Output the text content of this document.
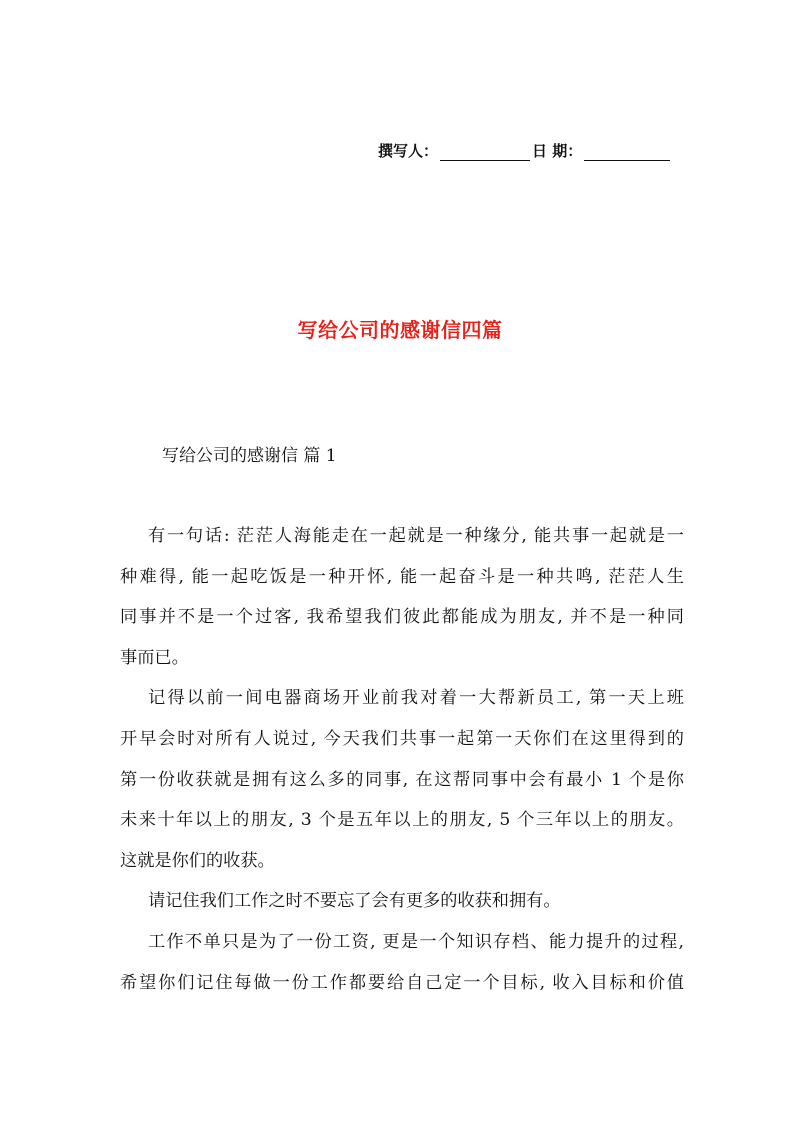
撰写人：	日 期：
写给公司的感谢信四篇
写给公司的感谢信 篇 1
有一句话: 茫茫人海能走在一起就是一种缘分, 能共事一起就是一
种难得, 能一起吃饭是一种开怀, 能一起奋斗是一种共鸣, 茫茫人生
同事并不是一个过客, 我希望我们彼此都能成为朋友, 并不是一种同
事而已。
记得以前一间电器商场开业前我对着一大帮新员工, 第一天上班
开早会时对所有人说过, 今天我们共事一起第一天你们在这里得到的
第一份收获就是拥有这么多的同事, 在这帮同事中会有最小 1 个是你
未来十年以上的朋友, 3 个是五年以上的朋友, 5 个三年以上的朋友。
这就是你们的收获。
请记住我们工作之时不要忘了会有更多的收获和拥有。
工作不单只是为了一份工资, 更是一个知识存档、能力提升的过程,
希望你们记住每做一份工作都要给自己定一个目标, 收入目标和价值
